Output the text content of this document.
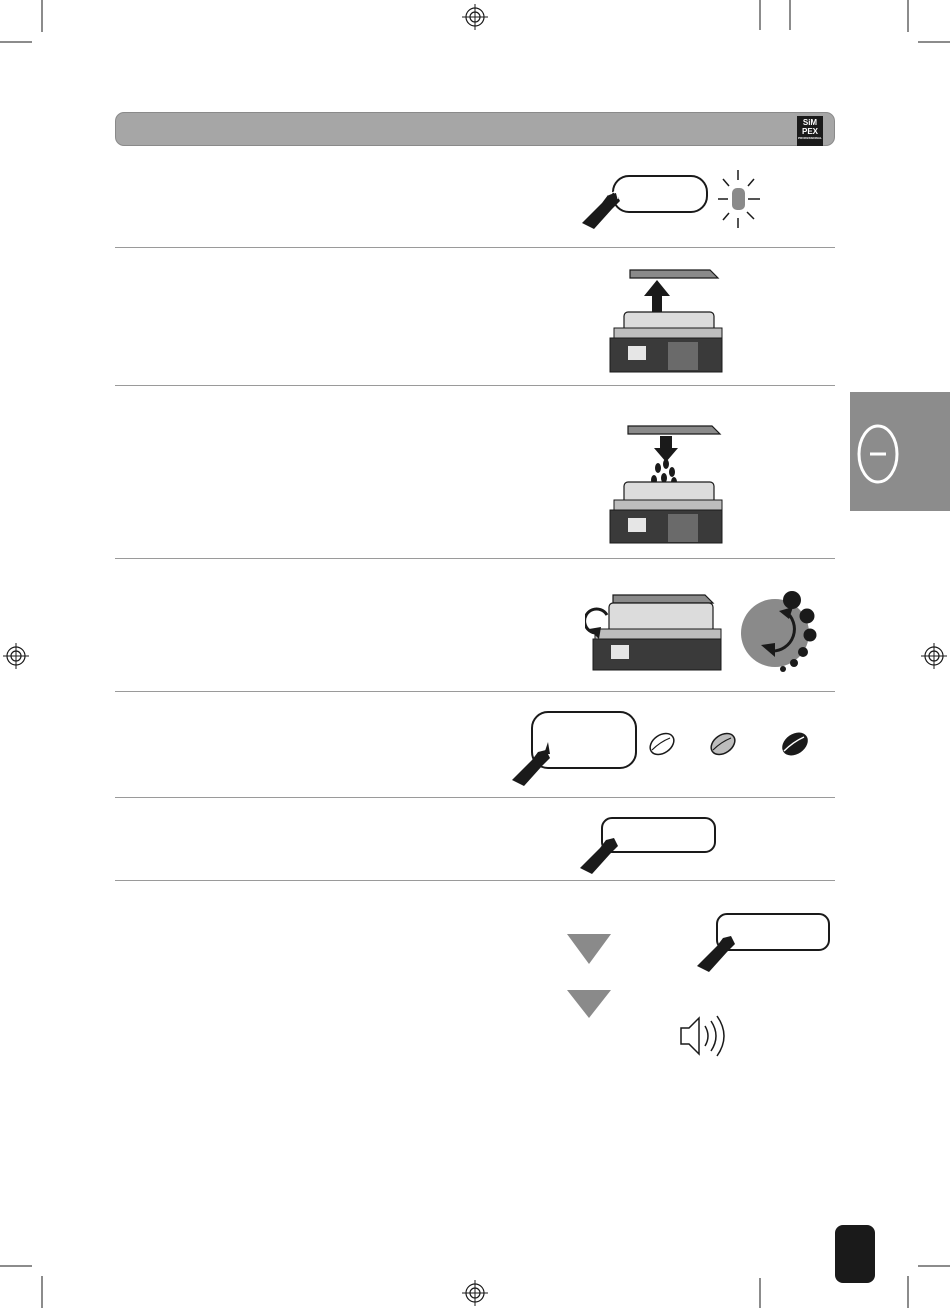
SiM
PEX
PROFESSIONAL
